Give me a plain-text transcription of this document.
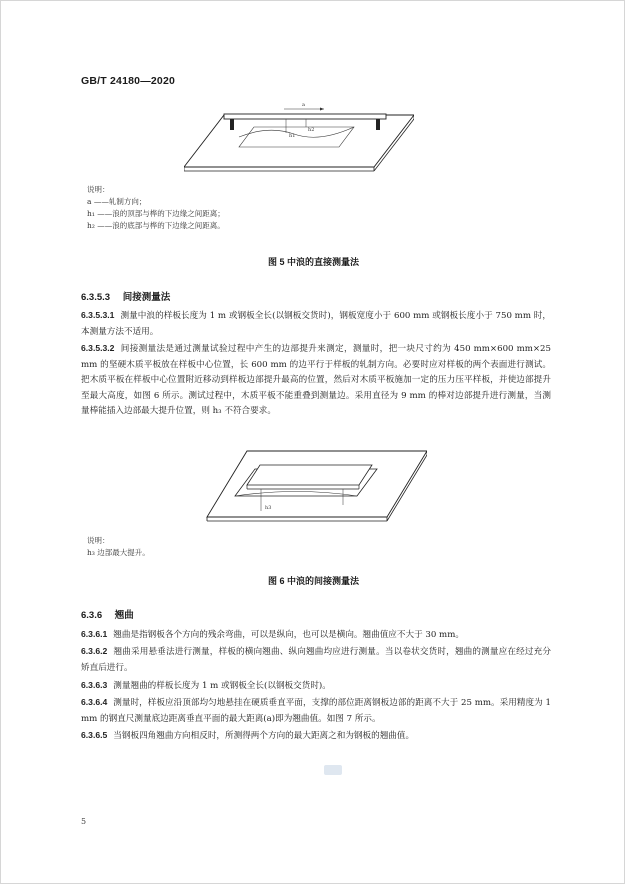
GB/T 24180—2020
a
h1
h2
说明：
a ——轧制方向；
h₁ ——浪的顶部与桦的下边缘之间距离；
h₂ ——浪的底部与桦的下边缘之间距离。
图 5 中浪的直接测量法
6.3.5.3 间接测量法
6.3.5.3.1 测量中浪的样板长度为 1 m 或钢板全长(以钢板交货时)，钢板宽度小于 600 mm 或钢板长度小于 750 mm 时，本测量方法不适用。
6.3.5.3.2 间接测量法是通过测量试验过程中产生的边部提升来测定，测量时，把一块尺寸约为 450 mm×600 mm×25 mm 的坚硬木质平板放在样板中心位置，长 600 mm 的边平行于样板的轧制方向。必要时应对样板的两个表面进行测试。把木质平板在样板中心位置附近移动到样板边部提升最高的位置，然后对木质平板施加一定的压力压平样板，并使边部提升至最大高度，如图 6 所示。测试过程中，木质平板不能重叠到测量边。采用直径为 9 mm 的棒对边部提升进行测量，当测量棒能插入边部最大提升位置，则 h₃ 不符合要求。
h3
说明：
h₃ 边部最大提升。
图 6 中浪的间接测量法
6.3.6 翘曲
6.3.6.1 翘曲是指钢板各个方向的残余弯曲，可以是纵向，也可以是横向。翘曲值应不大于 30 mm。
6.3.6.2 翘曲采用悬垂法进行测量，样板的横向翘曲、纵向翘曲均应进行测量。当以卷状交货时，翘曲的测量应在经过充分矫直后进行。
6.3.6.3 测量翘曲的样板长度为 1 m 或钢板全长(以钢板交货时)。
6.3.6.4 测量时，样板应沿顶部均匀地悬挂在硬质垂直平面，支撑的部位距离钢板边部的距离不大于 25 mm。采用精度为 1 mm 的钢直尺测量底边距离垂直平面的最大距离(a)即为翘曲值。如图 7 所示。
6.3.6.5 当钢板四角翘曲方向相反时，所测得两个方向的最大距离之和为钢板的翘曲值。
5
